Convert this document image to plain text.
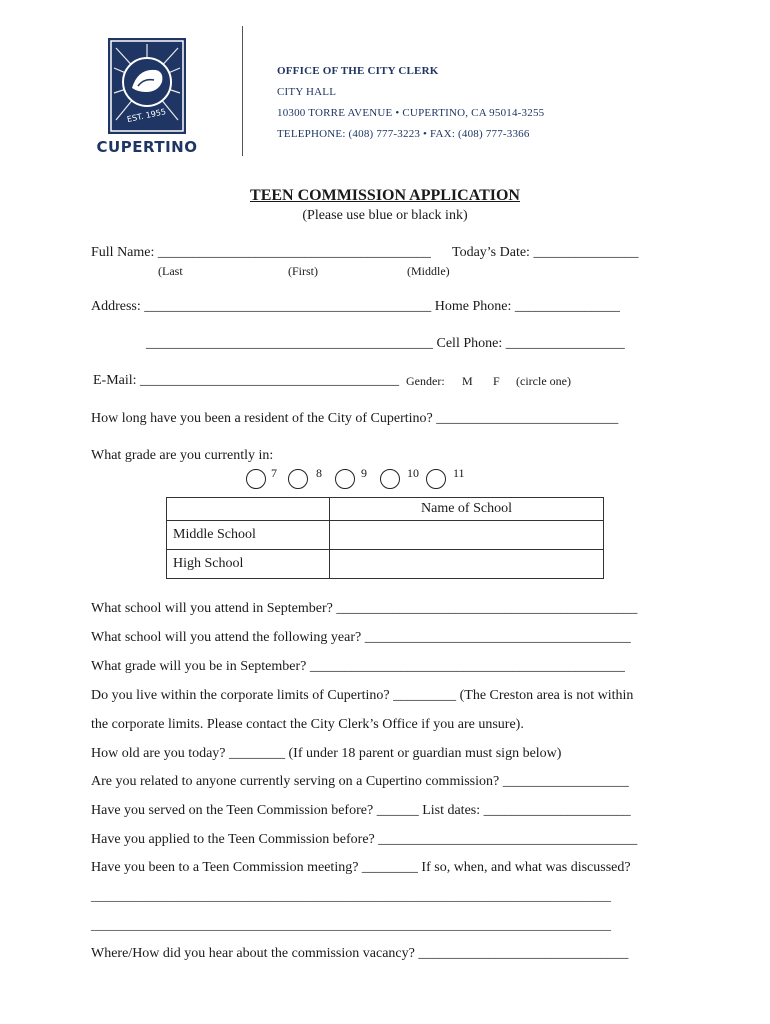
EST. 1955
CUPERTINO
OFFICE OF THE CITY CLERK
CITY HALL
10300 TORRE AVENUE • CUPERTINO, CA 95014-3255
TELEPHONE: (408) 777-3223 • FAX: (408) 777-3366
TEEN COMMISSION APPLICATION
(Please use blue or black ink)
Full Name: _______________________________________ Today’s Date: _______________
(Last	(First)	(Middle)
Address: _________________________________________ Home Phone: _______________
_________________________________________ Cell Phone: _________________
E-Mail: _____________________________________ Gender: M F (circle one)
How long have you been a resident of the City of Cupertino? __________________________
What grade are you currently in:
7	8	9	10	11
	Name of School
Middle School	
High School	
What school will you attend in September? ___________________________________________
What school will you attend the following year? ______________________________________
What grade will you be in September? _____________________________________________
Do you live within the corporate limits of Cupertino? _________ (The Creston area is not within
the corporate limits. Please contact the City Clerk’s Office if you are unsure).
How old are you today? ________ (If under 18 parent or guardian must sign below)
Are you related to anyone currently serving on a Cupertino commission? __________________
Have you served on the Teen Commission before? ______ List dates: _____________________
Have you applied to the Teen Commission before? _____________________________________
Have you been to a Teen Commission meeting? ________ If so, when, and what was discussed?
________________________________________________________________________________
________________________________________________________________________________
Where/How did you hear about the commission vacancy? ______________________________
